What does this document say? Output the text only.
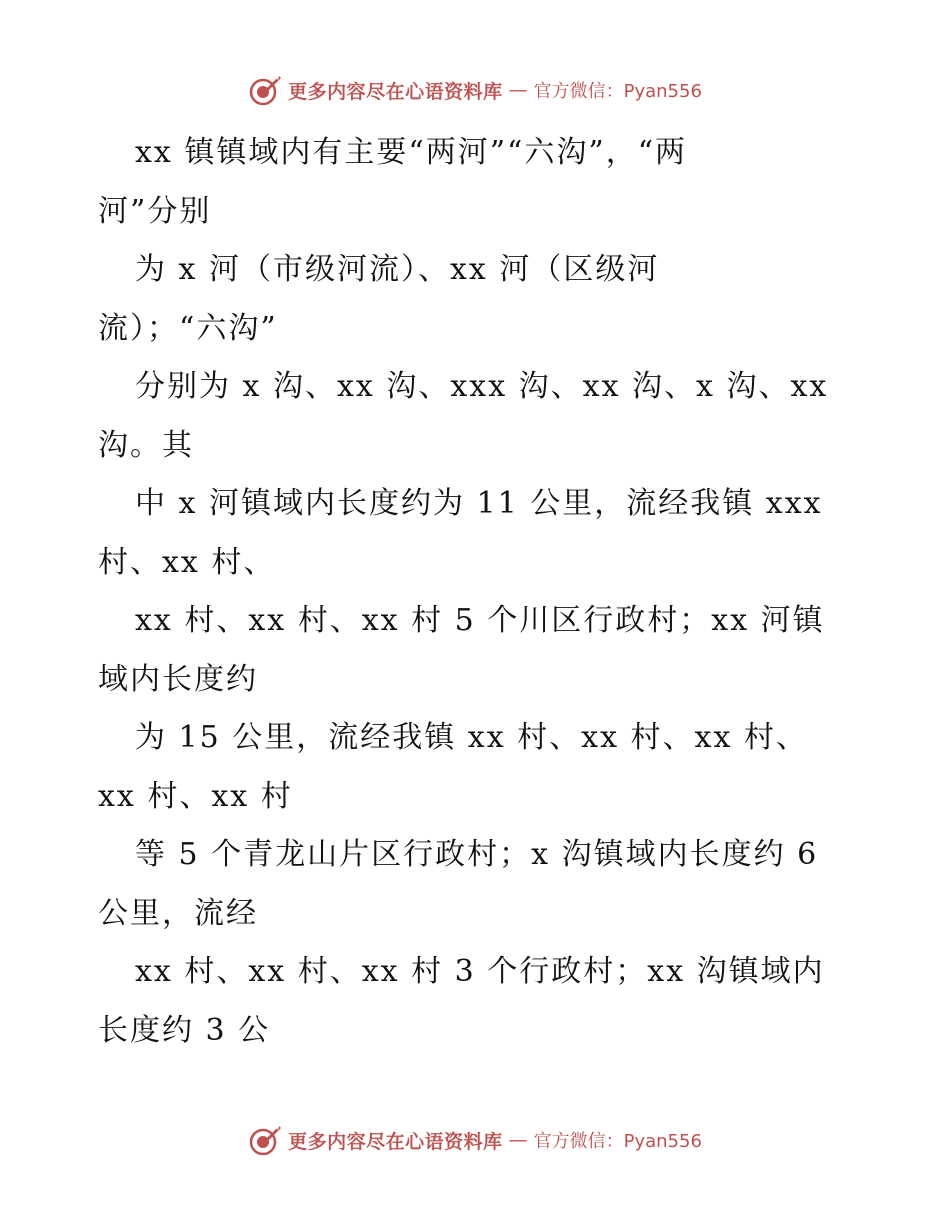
更多内容尽在心语资料库 — 官方微信：Pyan556
xx 镇镇域内有主要“两河”“六沟”，“两
河”分别
为 x 河（市级河流）、xx 河（区级河
流）；“六沟”
分别为 x 沟、xx 沟、xxx 沟、xx 沟、x 沟、xx
沟。其
中 x 河镇域内长度约为 11 公里，流经我镇 xxx
村、xx 村、
xx 村、xx 村、xx 村 5 个川区行政村；xx 河镇
域内长度约
为 15 公里，流经我镇 xx 村、xx 村、xx 村、
xx 村、xx 村
等 5 个青龙山片区行政村；x 沟镇域内长度约 6
公里，流经
xx 村、xx 村、xx 村 3 个行政村；xx 沟镇域内
长度约 3 公
更多内容尽在心语资料库 — 官方微信：Pyan556
